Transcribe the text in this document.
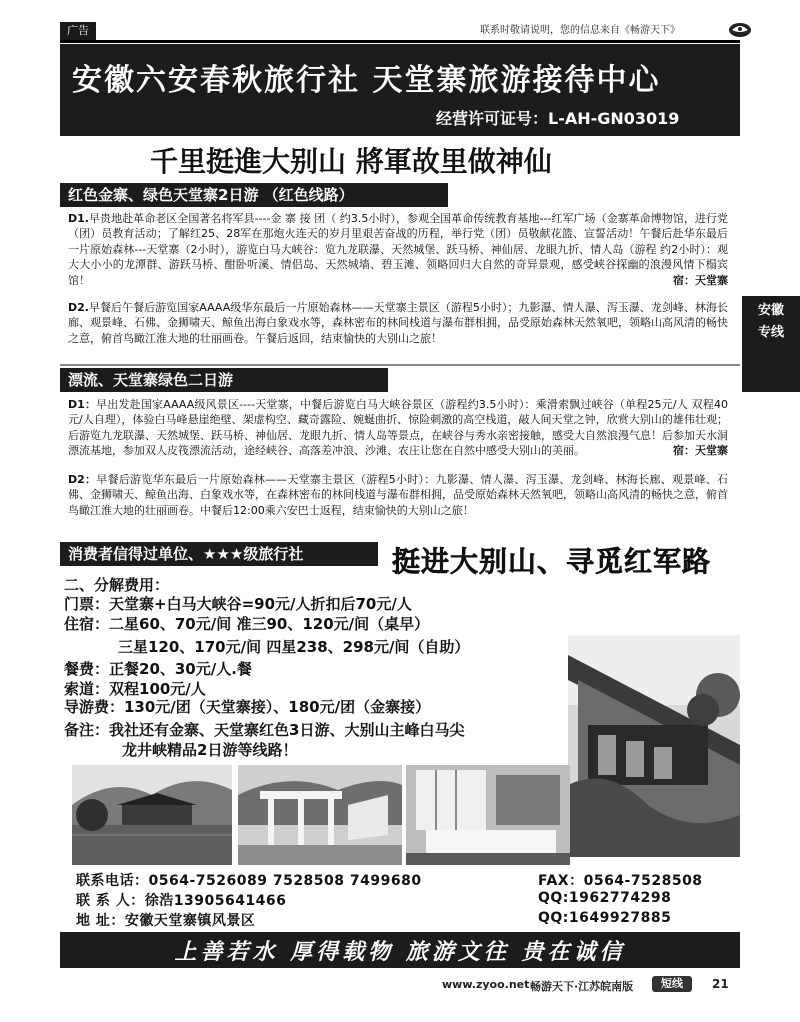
广告	联系时敬请说明，您的信息来自《畅游天下》
安徽六安春秋旅行社 天堂寨旅游接待中心
经营许可证号：L-AH-GN03019
千里挺進大别山 將軍故里做神仙
红色金寨、绿色天堂寨2日游 （红色线路）
D1.早贵地赴革命老区全国著名将军县----金 寨 接 团（ 约3.5小时），参观全国革命传统教育基地---红军广场（金寨革命博物馆，进行党（团）员教育活动；了解红25、28军在那炮火连天的岁月里艰苦奋战的历程，举行党（团）员敬献花篮、宣誓活动！午餐后赴华东最后一片原始森林---天堂寨（2小时），游览白马大峡谷：览九龙联瀑、天然城堡、跃马桥、神仙居、龙眼九折、情人岛（游程 约2小时）：观大大小小的龙潭群、游跃马桥、酣卧听溪、情侣岛、天然城墙、碧玉滩、领略回归大自然的奇异景观，感受峡谷探幽的浪漫风情下榻宾馆！	宿：天堂寨
D2.早餐后午餐后游览国家AAAA级华东最后一片原始森林——天堂寨主景区（游程5小时）；九影瀑、情人瀑、泻玉瀑、龙剑峰、林海长廊、观景峰、石佛、金狮啸天、鲸鱼出海白象戏水等，森林密布的林间栈道与瀑布群相拥，品受原始森林天然氧吧，领略山高风清的畅快之意，俯首鸟瞰江淮大地的壮丽画卷。午餐后返回，结束愉快的大别山之旅！
漂流、天堂寨绿色二日游
D1：早出发赴国家AAAA级风景区----天堂寨，中餐后游览白马大峡谷景区（游程约3.5小时）：乘滑索飘过峡谷（单程25元/人 双程40元/人自理），体验白马峰悬崖绝壁、架虚构空、藏奇露险、婉蜒曲折、惊险刺激的高空栈道，敲人间天堂之钟，欣赏大别山的雄伟壮观；后游览九龙联瀑、天然城堡、跃马桥、神仙居、龙眼九折、情人岛等景点，在峡谷与秀水亲密接触，感受大自然浪漫气息！后参加天水洞漂流基地，参加双人皮筏漂流活动，途经峡谷、高落差冲浪、沙滩、农庄让您在自然中感受大别山的美丽。	宿：天堂寨
D2：早餐后游览华东最后一片原始森林——天堂寨主景区（游程5小时）：九影瀑、情人瀑、泻玉瀑、龙剑峰、林海长廊、观景峰、石佛、金狮啸天、鲸鱼出海、白象戏水等，在森林密布的林间栈道与瀑布群相拥，品受原始森林天然氧吧，领略山高风清的畅快之意，俯首鸟瞰江淮大地的壮丽画卷。中餐后12:00乘六安巴士返程，结束愉快的大别山之旅！
安徽
专线
消费者信得过单位、★★★级旅行社	挺进大别山、寻觅红军路
二、分解费用：
门票：天堂寨+白马大峡谷=90元/人折扣后70元/人
住宿：二星60、70元/间 准三90、120元/间（桌早）
三星120、170元/间 四星238、298元/间（自助）
餐费：正餐20、30元/人.餐
索道：双程100元/人
导游费：130元/团（天堂寨接）、180元/团（金寨接）
备注：我社还有金寨、天堂寨红色3日游、大别山主峰白马尖
龙井峡精品2日游等线路！
联系电话：0564-7526089 7528508 7499680
联 系 人：徐浩13905641466
地 址：安徽天堂寨镇风景区
FAX：0564-7528508
QQ:1962774298
QQ:1649927885
上善若水 厚得载物 旅游文往 贵在诚信
www.zyoo.net 畅游天下·江苏皖南版	短线	21
